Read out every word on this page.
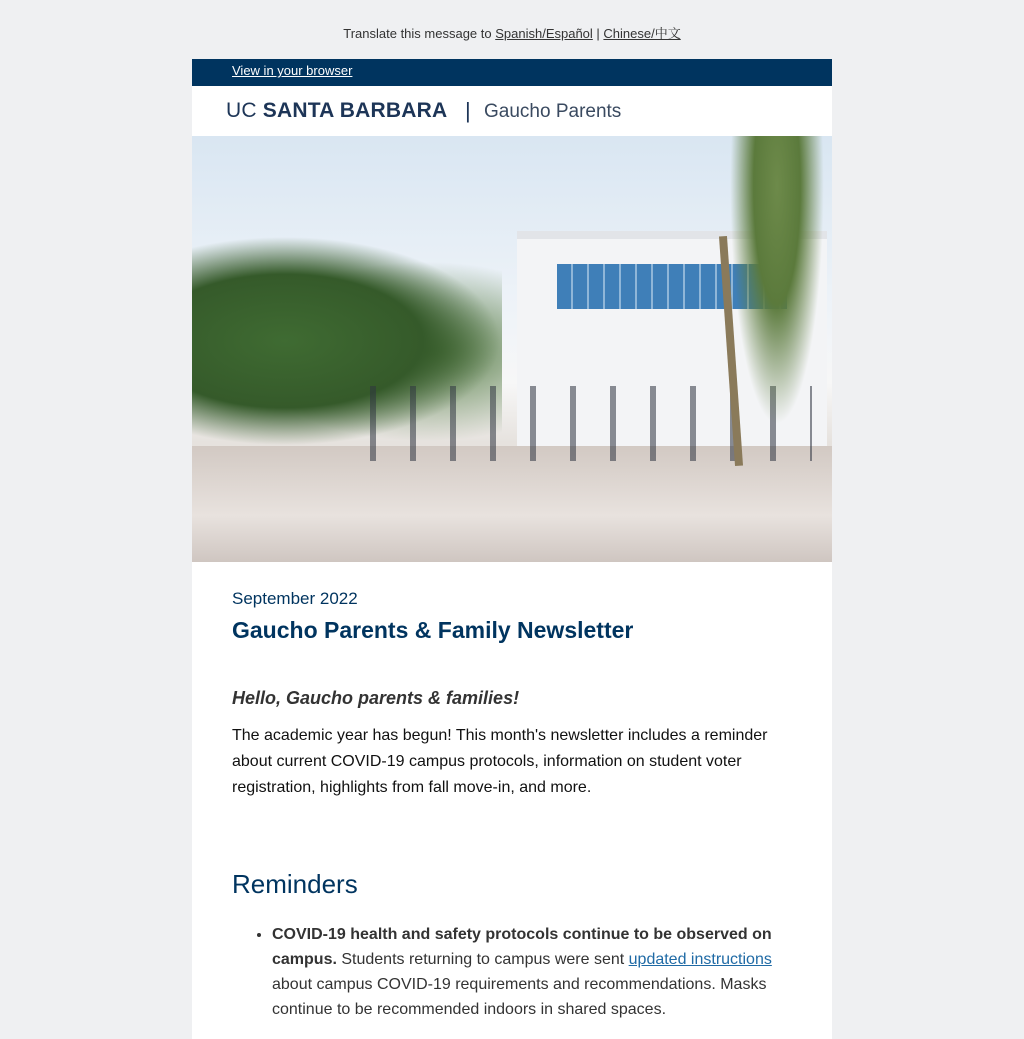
Translate this message to Spanish/Español | Chinese/中文
View in your browser
UC SANTA BARBARA | Gaucho Parents
September 2022
Gaucho Parents & Family Newsletter
Hello, Gaucho parents & families!
The academic year has begun! This month's newsletter includes a reminder about current COVID-19 campus protocols, information on student voter registration, highlights from fall move-in, and more.
Reminders
• COVID-19 health and safety protocols continue to be observed on campus. Students returning to campus were sent updated instructions about campus COVID-19 requirements and recommendations. Masks continue to be recommended indoors in shared spaces.
